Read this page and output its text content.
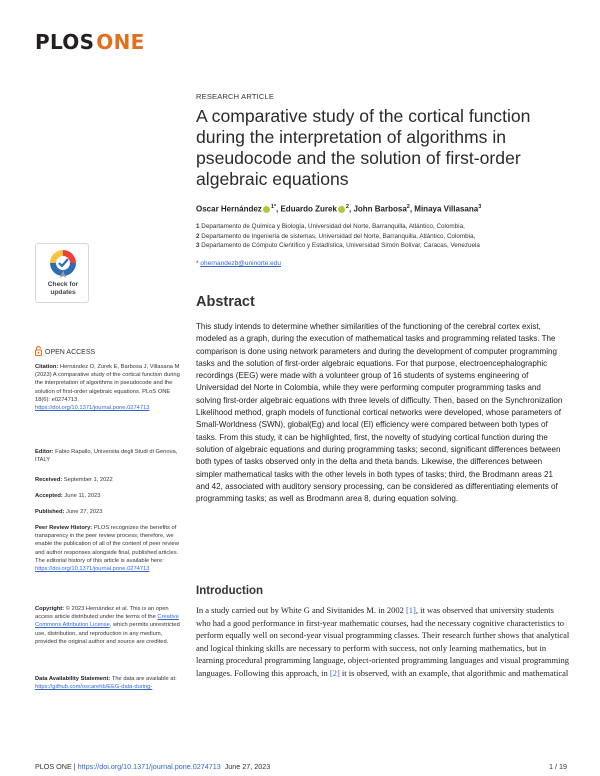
PLOS ONE
RESEARCH ARTICLE
A comparative study of the cortical function during the interpretation of algorithms in pseudocode and the solution of first-order algebraic equations
Oscar Hernández $^{1*}$, Eduardo Zurek $^2$, John Barbosa$^2$, Minaya Villasana$^3$
1 Departamento de Química y Biología, Universidad del Norte, Barranquilla, Atlántico, Colombia,
2 Departamento de Ingeniería de sistemas, Universidad del Norte, Barranquilla, Atlántico, Colombia,
3 Departamento de Cómputo Científico y Estadística, Universidad Simón Bolívar, Caracas, Venezuela
* ohernandezb@uninorte.edu
Check for updates
OPEN ACCESS
Citation: Hernández O, Zurek E, Barbosa J, Villasana M (2023) A comparative study of the cortical function during the interpretation of algorithms in pseudocode and the solution of first-order algebraic equations. PLoS ONE 18(6): e0274713. https://doi.org/10.1371/journal.pone.0274713
Editor: Fabio Rapallo, Universita degli Studi di Genova, ITALY
Received: September 1, 2022
Accepted: June 11, 2023
Published: June 27, 2023
Peer Review History: PLOS recognizes the benefits of transparency in the peer review process; therefore, we enable the publication of all of the content of peer review and author responses alongside final, published articles. The editorial history of this article is available here: https://doi.org/10.1371/journal.pone.0274713
Copyright: © 2023 Hernández et al. This is an open access article distributed under the terms of the Creative Commons Attribution License, which permits unrestricted use, distribution, and reproduction in any medium, provided the original author and source are credited.
Data Availability Statement: The data are available at: https://github.com/oscarehb/EEG-data-during-
Abstract

This study intends to determine whether similarities of the functioning of the cerebral cortex exist, modeled as a graph, during the execution of mathematical tasks and programming related tasks. The comparison is done using network parameters and during the development of computer programming tasks and the solution of first-order algebraic equations. For that purpose, electroencephalographic recordings (EEG) were made with a volunteer group of 16 students of systems engineering of Universidad del Norte in Colombia, while they were performing computer programming tasks and solving first-order algebraic equations with three levels of difficulty. Then, based on the Synchronization Likelihood method, graph models of functional cortical networks were developed, whose parameters of Small-Worldness (SWN), global(Eg) and local (El) efficiency were compared between both types of tasks. From this study, it can be highlighted, first, the novelty of studying cortical function during the solution of algebraic equations and during programming tasks; second, significant differences between both types of tasks observed only in the delta and theta bands. Likewise, the differences between simpler mathematical tasks with the other levels in both types of tasks; third, the Brodmann areas 21 and 42, associated with auditory sensory processing, can be considered as differentiating elements of programming tasks; as well as Brodmann area 8, during equation solving.

Introduction

In a study carried out by White G and Sivitanides M. in 2002 [1], it was observed that university students who had a good performance in first-year mathematic courses, had the necessary cognitive characteristics to perform equally well on second-year visual programming classes. Their research further shows that analytical and logical thinking skills are necessary to perform with success, not only learning mathematics, but in learning procedural programming language, object-oriented programming languages and visual programming languages. Following this approach, in [2] it is observed, with an example, that algorithmic and mathematical

PLOS ONE | https://doi.org/10.1371/journal.pone.0274713 June 27, 2023	1 / 19
